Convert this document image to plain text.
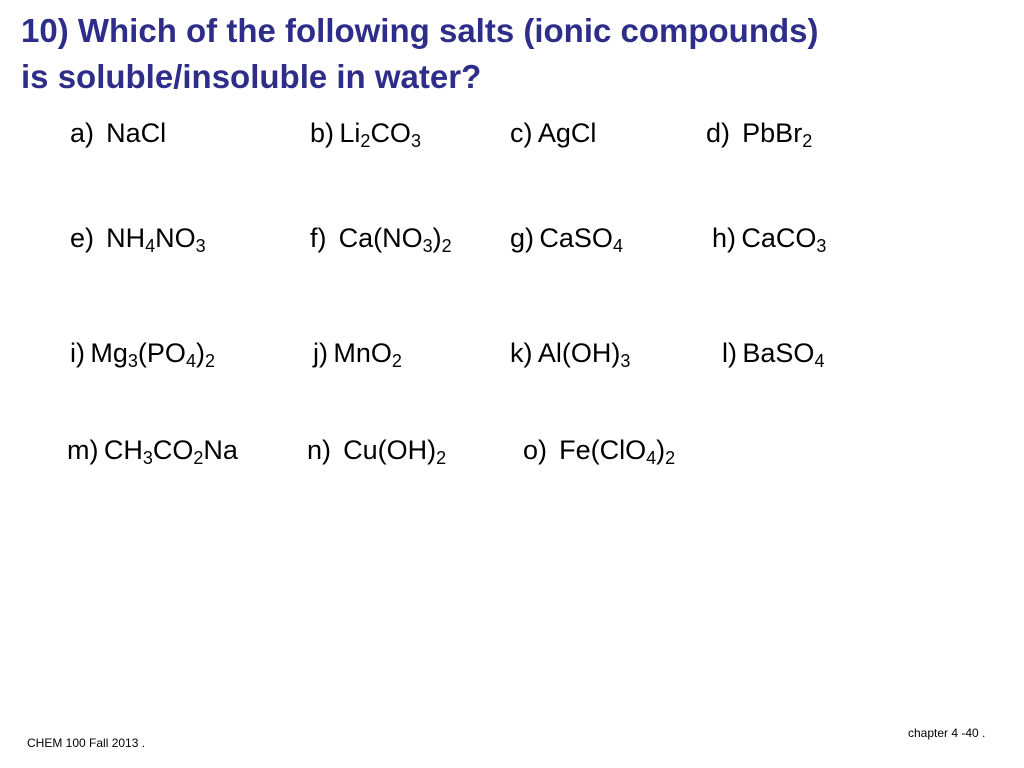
10) Which of the following salts (ionic compounds)
is soluble/insoluble in water?
a) NaCl	b) $Li_2CO_3$	c) AgCl	d) PbBr$_2$
e) $NH_4NO_3$	f) $Ca(NO_3)_2$ g) CaSO$_4$	h) CaCO$_3$
i) $Mg_3(PO_4)_2$	j) MnO$_2$	k) $Al(OH)_3$	l) BaSO$_4$
m) $CH_3CO_2Na$	n) $Cu(OH)_2$	o) $Fe(ClO_4)_2$
CHEM 100 Fall 2013 .
chapter 4 -40 .
